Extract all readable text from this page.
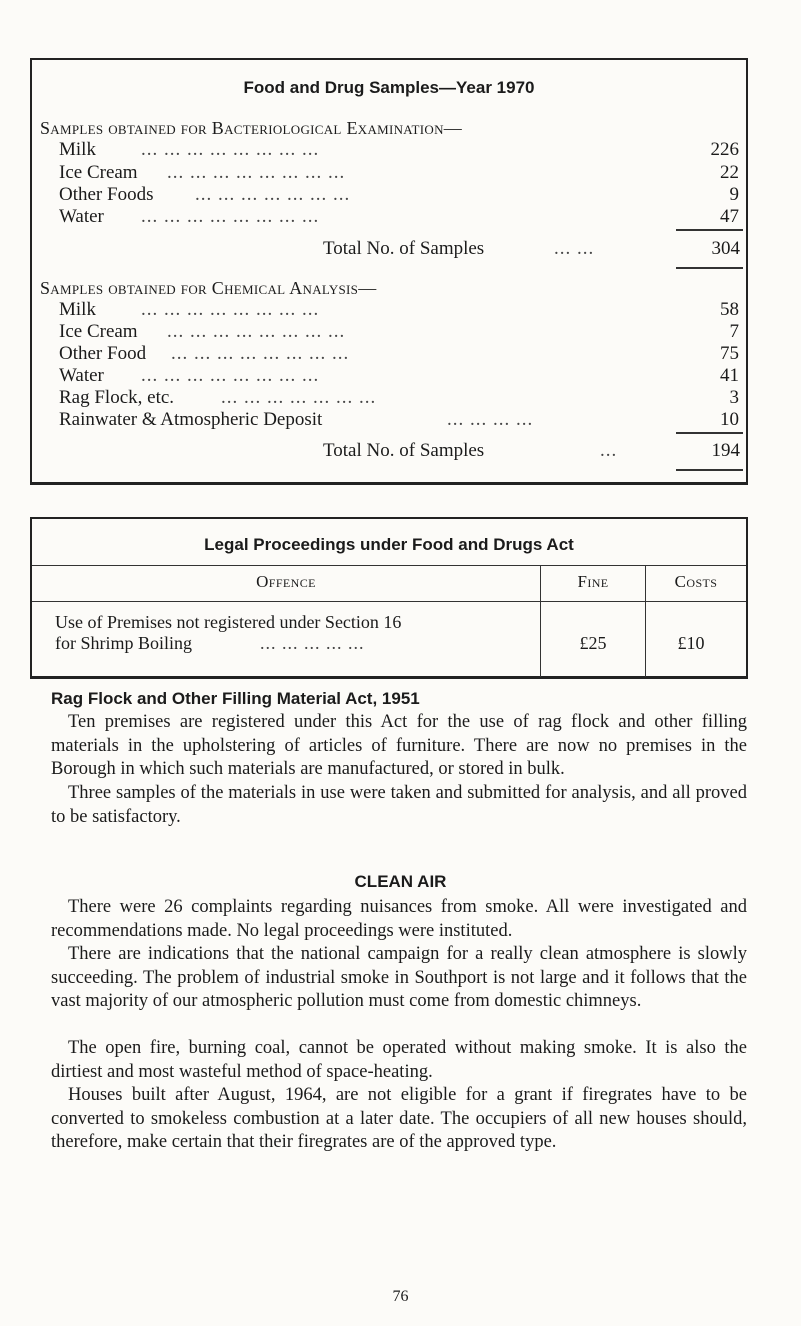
Food and Drug Samples—Year 1970
Samples obtained for Bacteriological Examination—
Milk ... ... ... ... ... ... ... ...	226
Ice Cream ... ... ... ... ... ... ... ...	22
Other Foods ... ... ... ... ... ... ...	9
Water ... ... ... ... ... ... ... ...	47
Total No. of Samples	... ...	304
Samples obtained for Chemical Analysis—
Milk ... ... ... ... ... ... ... ...	58
Ice Cream ... ... ... ... ... ... ... ...	7
Other Food ... ... ... ... ... ... ... ...	75
Water ... ... ... ... ... ... ... ...	41
Rag Flock, etc. ... ... ... ... ... ... ...	3
Rainwater & Atmospheric Deposit	... ... ... ...	10
Total No. of Samples	...	194
Legal Proceedings under Food and Drugs Act
Offence	Fine	Costs
Use of Premises not registered under Section 16
for Shrimp Boiling	... ... ... ... ...	£25	£10
Rag Flock and Other Filling Material Act, 1951

Ten premises are registered under this Act for the use of rag flock and other filling materials in the upholstering of articles of furniture. There are now no premises in the Borough in which such materials are manufactured, or stored in bulk.

Three samples of the materials in use were taken and submitted for analysis, and all proved to be satisfactory.

CLEAN AIR

There were 26 complaints regarding nuisances from smoke. All were investigated and recommendations made. No legal proceedings were instituted.

There are indications that the national campaign for a really clean atmosphere is slowly succeeding. The problem of industrial smoke in Southport is not large and it follows that the vast majority of our atmospheric pollution must come from domestic chimneys.

The open fire, burning coal, cannot be operated without making smoke. It is also the dirtiest and most wasteful method of space-heating.

Houses built after August, 1964, are not eligible for a grant if firegrates have to be converted to smokeless combustion at a later date. The occupiers of all new houses should, therefore, make certain that their firegrates are of the approved type.

76
